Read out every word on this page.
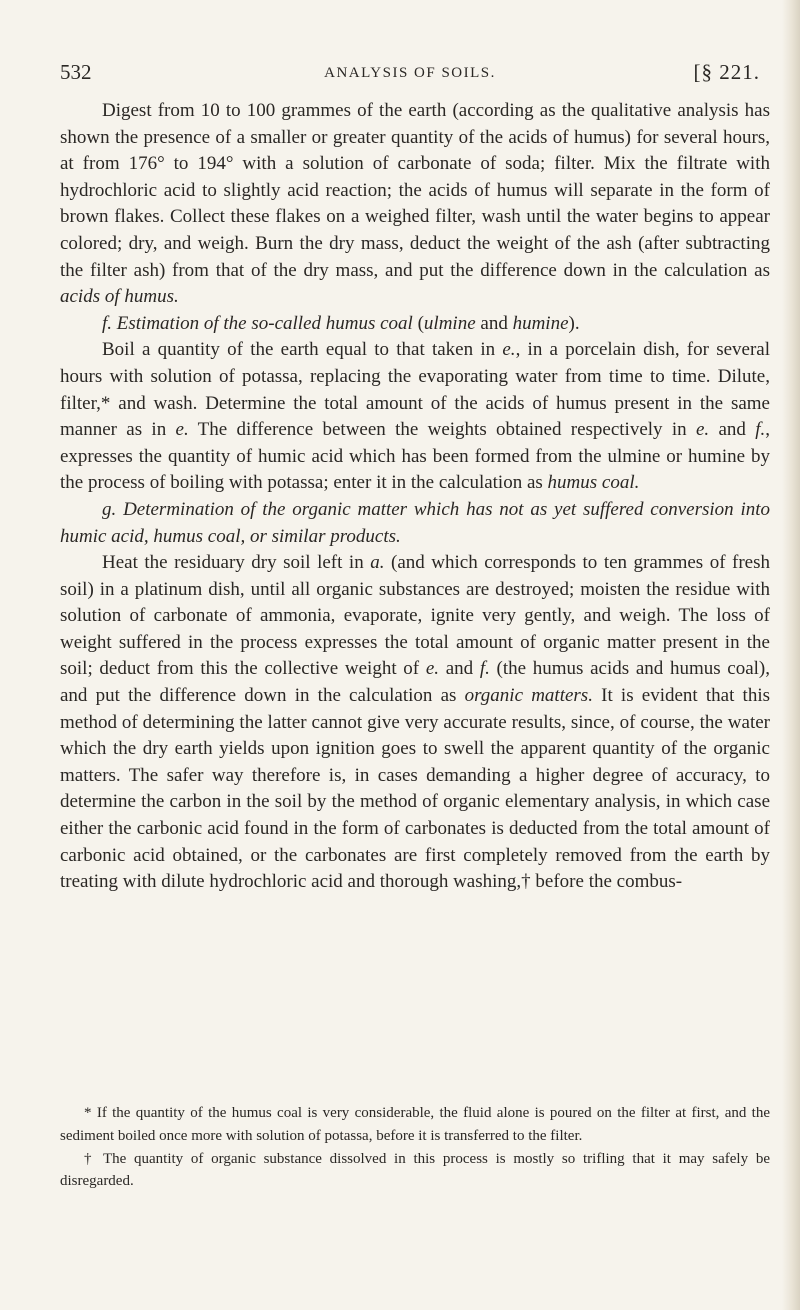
532	ANALYSIS OF SOILS.	[§ 221.

Digest from 10 to 100 grammes of the earth (according as the qualitative analysis has shown the presence of a smaller or greater quantity of the acids of humus) for several hours, at from 176° to 194° with a solution of carbonate of soda; filter. Mix the filtrate with hydrochloric acid to slightly acid reaction; the acids of humus will separate in the form of brown flakes. Collect these flakes on a weighed filter, wash until the water begins to appear colored; dry, and weigh. Burn the dry mass, deduct the weight of the ash (after subtracting the filter ash) from that of the dry mass, and put the difference down in the calculation as acids of humus.

f. Estimation of the so-called humus coal (ulmine and humine).

Boil a quantity of the earth equal to that taken in e., in a porcelain dish, for several hours with solution of potassa, replacing the evaporating water from time to time. Dilute, filter,* and wash. Determine the total amount of the acids of humus present in the same manner as in e. The difference between the weights obtained respectively in e. and f., expresses the quantity of humic acid which has been formed from the ulmine or humine by the process of boiling with potassa; enter it in the calculation as humus coal.

g. Determination of the organic matter which has not as yet suffered conversion into humic acid, humus coal, or similar products.

Heat the residuary dry soil left in a. (and which corresponds to ten grammes of fresh soil) in a platinum dish, until all organic substances are destroyed; moisten the residue with solution of carbonate of ammonia, evaporate, ignite very gently, and weigh. The loss of weight suffered in the process expresses the total amount of organic matter present in the soil; deduct from this the collective weight of e. and f. (the humus acids and humus coal), and put the difference down in the calculation as organic matters. It is evident that this method of determining the latter cannot give very accurate results, since, of course, the water which the dry earth yields upon ignition goes to swell the apparent quantity of the organic matters. The safer way therefore is, in cases demanding a higher degree of accuracy, to determine the carbon in the soil by the method of organic elementary analysis, in which case either the carbonic acid found in the form of carbonates is deducted from the total amount of carbonic acid obtained, or the carbonates are first completely removed from the earth by treating with dilute hydrochloric acid and thorough washing,† before the combus-

* If the quantity of the humus coal is very considerable, the fluid alone is poured on the filter at first, and the sediment boiled once more with solution of potassa, before it is transferred to the filter.

† The quantity of organic substance dissolved in this process is mostly so trifling that it may safely be disregarded.
